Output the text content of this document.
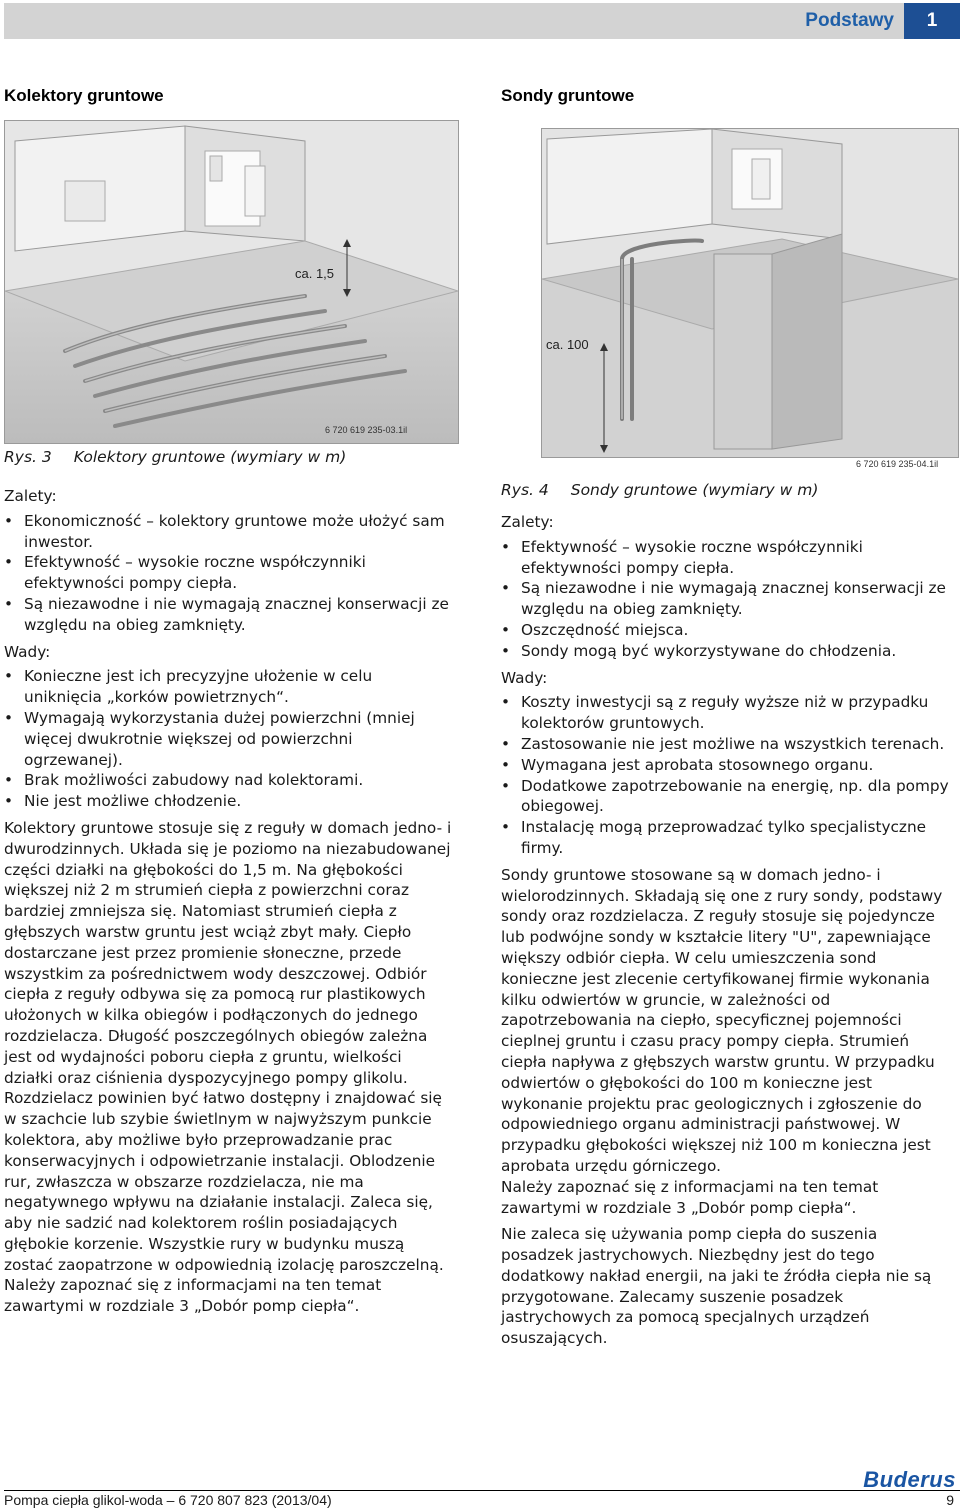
Podstawy	1
Kolektory gruntowe	Sondy gruntowe
ca. 1,5
6 720 619 235-03.1il
ca. 100
6 720 619 235-04.1il
Rys. 3 Kolektory gruntowe (wymiary w m)
Rys. 4 Sondy gruntowe (wymiary w m)

Zalety:

• Ekonomiczność – kolektory gruntowe może ułożyć sam inwestor.
• Efektywność – wysokie roczne współczynniki efektywności pompy ciepła.
• Są niezawodne i nie wymagają znacznej konserwacji ze względu na obieg zamknięty.

Wady:

• Konieczne jest ich precyzyjne ułożenie w celu uniknięcia „korków powietrznych“.
• Wymagają wykorzystania dużej powierzchni (mniej więcej dwukrotnie większej od powierzchni ogrzewanej).
• Brak możliwości zabudowy nad kolektorami.
• Nie jest możliwe chłodzenie.

Kolektory gruntowe stosuje się z reguły w domach jedno- i dwurodzinnych. Układa się je poziomo na niezabudowanej części działki na głębokości do 1,5 m. Na głębokości większej niż 2 m strumień ciepła z powierzchni coraz bardziej zmniejsza się. Natomiast strumień ciepła z głębszych warstw gruntu jest wciąż zbyt mały. Ciepło dostarczane jest przez promienie słoneczne, przede wszystkim za pośrednictwem wody deszczowej. Odbiór ciepła z reguły odbywa się za pomocą rur plastikowych ułożonych w kilka obiegów i podłączonych do jednego rozdzielacza. Długość poszczególnych obiegów zależna jest od wydajności poboru ciepła z gruntu, wielkości działki oraz ciśnienia dyspozycyjnego pompy glikolu. Rozdzielacz powinien być łatwo dostępny i znajdować się w szachcie lub szybie świetlnym w najwyższym punkcie kolektora, aby możliwe było przeprowadzanie prac konserwacyjnych i odpowietrzanie instalacji. Oblodzenie rur, zwłaszcza w obszarze rozdzielacza, nie ma negatywnego wpływu na działanie instalacji. Zaleca się, aby nie sadzić nad kolektorem roślin posiadających głębokie korzenie. Wszystkie rury w budynku muszą zostać zaopatrzone w odpowiednią izolację paroszczelną.

Należy zapoznać się z informacjami na ten temat zawartymi w rozdziale 3 „Dobór pomp ciepła“.

Zalety:

• Efektywność – wysokie roczne współczynniki efektywności pompy ciepła.
• Są niezawodne i nie wymagają znacznej konserwacji ze względu na obieg zamknięty.
• Oszczędność miejsca.
• Sondy mogą być wykorzystywane do chłodzenia.

Wady:

• Koszty inwestycji są z reguły wyższe niż w przypadku kolektorów gruntowych.
• Zastosowanie nie jest możliwe na wszystkich terenach.
• Wymagana jest aprobata stosownego organu.
• Dodatkowe zapotrzebowanie na energię, np. dla pompy obiegowej.
• Instalację mogą przeprowadzać tylko specjalistyczne firmy.

Sondy gruntowe stosowane są w domach jedno- i wielorodzinnych. Składają się one z rury sondy, podstawy sondy oraz rozdzielacza. Z reguły stosuje się pojedyncze lub podwójne sondy w kształcie litery "U", zapewniające większy odbiór ciepła. W celu umieszczenia sond konieczne jest zlecenie certyfikowanej firmie wykonania kilku odwiertów w gruncie, w zależności od zapotrzebowania na ciepło, specyficznej pojemności cieplnej gruntu i czasu pracy pompy ciepła. Strumień ciepła napływa z głębszych warstw gruntu. W przypadku odwiertów o głębokości do 100 m konieczne jest wykonanie projektu prac geologicznych i zgłoszenie do odpowiedniego organu administracji państwowej. W przypadku głębokości większej niż 100 m konieczna jest aprobata urzędu górniczego.

Należy zapoznać się z informacjami na ten temat zawartymi w rozdziale 3 „Dobór pomp ciepła“.

Nie zaleca się używania pomp ciepła do suszenia posadzek jastrychowych. Niezbędny jest do tego dodatkowy nakład energii, na jaki te źródła ciepła nie są przygotowane. Zalecamy suszenie posadzek jastrychowych za pomocą specjalnych urządzeń osuszających.

Buderus
Pompa ciepła glikol-woda – 6 720 807 823 (2013/04)	9
